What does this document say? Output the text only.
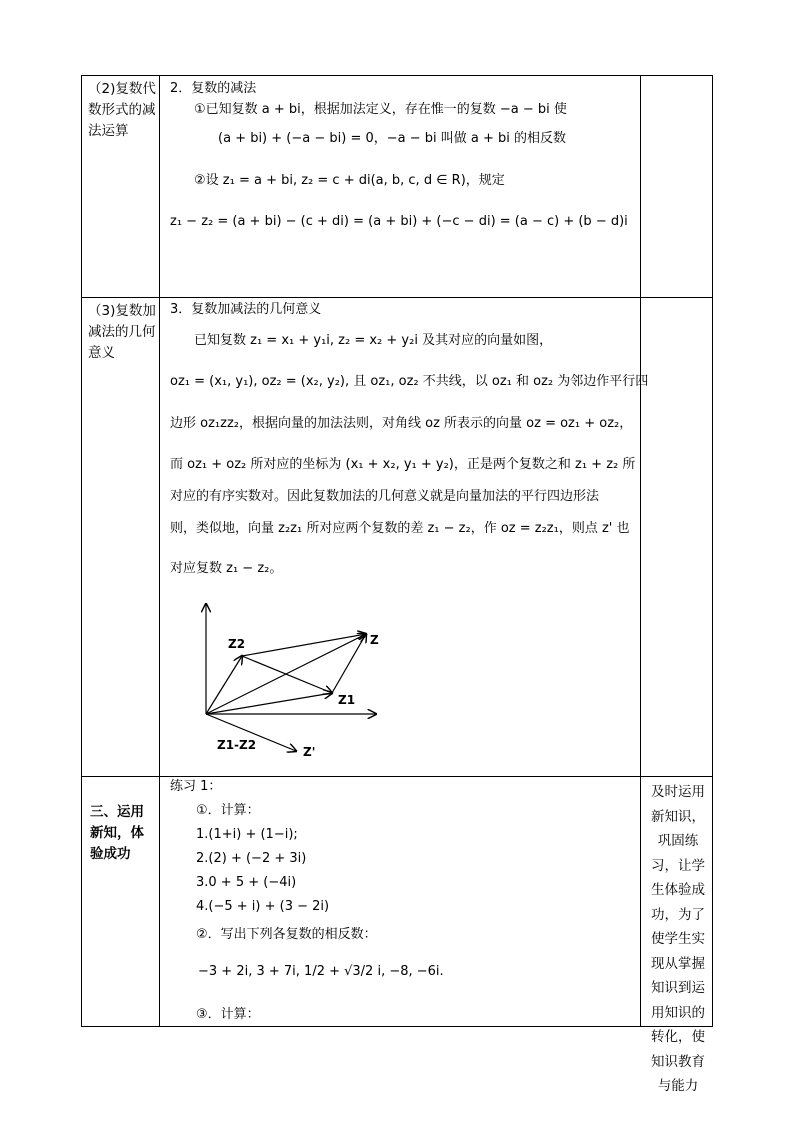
（2)复数代数形式的减法运算
2．复数的减法
①已知复数 a + bi，根据加法定义，存在惟一的复数 −a − bi 使
(a + bi) + (−a − bi) = 0，−a − bi 叫做 a + bi 的相反数
②设 z₁ = a + bi, z₂ = c + di(a, b, c, d ∈ R)，规定
z₁ − z₂ = (a + bi) − (c + di) = (a + bi) + (−c − di) = (a − c) + (b − d)i
（3)复数加减法的几何意义
3．复数加减法的几何意义
已知复数 z₁ = x₁ + y₁i, z₂ = x₂ + y₂i 及其对应的向量如图，
oz₁ = (x₁, y₁), oz₂ = (x₂, y₂), 且 oz₁, oz₂ 不共线，以 oz₁ 和 oz₂ 为邻边作平行四
边形 oz₁zz₂，根据向量的加法法则，对角线 oz 所表示的向量 oz = oz₁ + oz₂，
而 oz₁ + oz₂ 所对应的坐标为 (x₁ + x₂, y₁ + y₂)，正是两个复数之和 z₁ + z₂ 所
对应的有序实数对。因此复数加法的几何意义就是向量加法的平行四边形法
则，类似地，向量 z₂z₁ 所对应两个复数的差 z₁ − z₂，作 oz = z₂z₁，则点 z' 也
对应复数 z₁ − z₂。
Z
Z1
Z2
Z1-Z2	Z'
三、运用新知，体验成功
练习 1：
①．计算：
1.(1+i) + (1−i);
2.(2) + (−2 + 3i)
3.0 + 5 + (−4i)
4.(−5 + i) + (3 − 2i)
②．写出下列各复数的相反数：
−3 + 2i, 3 + 7i, 1/2 + √3/2 i, −8, −6i.
③．计算：
及时运用新知识，巩固练习，让学生体验成功，为了使学生实现从掌握知识到运用知识的转化，使知识教育与能力
